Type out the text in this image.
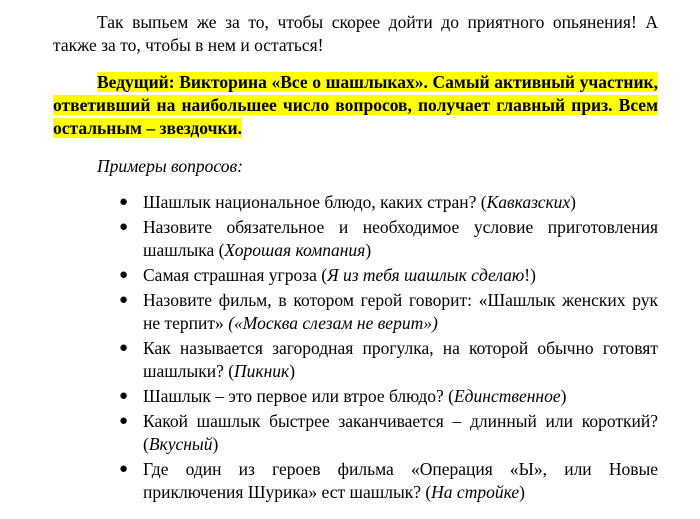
Так выпьем же за то, чтобы скорее дойти до приятного опьянения! А также за то, чтобы в нем и остаться!

Ведущий: Викторина «Все о шашлыках». Самый активный участник, ответивший на наибольшее число вопросов, получает главный приз. Всем остальным – звездочки.

Примеры вопросов:

● Шашлык национальное блюдо, каких стран? (Кавказских)
● Назовите обязательное и необходимое условие приготовления шашлыка (Хорошая компания)
● Самая страшная угроза (Я из тебя шашлык сделаю!)
● Назовите фильм, в котором герой говорит: «Шашлык женских рук не терпит» («Москва слезам не верит»)
● Как называется загородная прогулка, на которой обычно готовят шашлыки? (Пикник)
● Шашлык – это первое или втрое блюдо? (Единственное)
● Какой шашлык быстрее заканчивается – длинный или короткий? (Вкусный)
● Где один из героев фильма «Операция «Ы», или Новые приключения Шурика» ест шашлык? (На стройке)
